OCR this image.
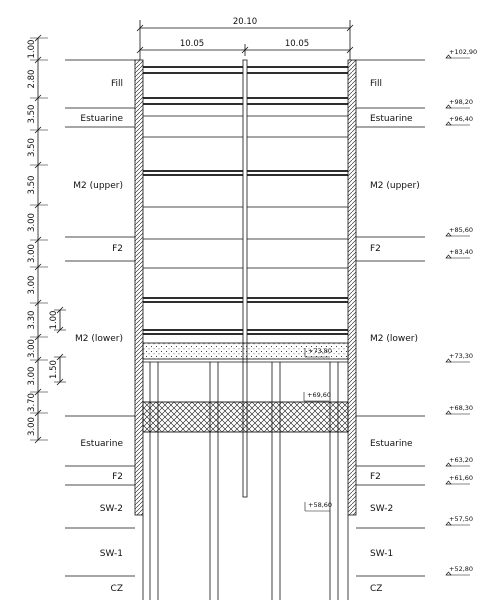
20.10
10.05	10.05
1.00
2.80
3.50
3.50
3.50
3.00
3.00
3.00
3.30
3.00
3.00
3.70
3.00
1.00
1.50
Fill
Estuarine
M2 (upper)
F2
M2 (lower)
Estuarine
F2
SW-2
SW-1
CZ
Fill
Estuarine
M2 (upper)
F2
M2 (lower)
Estuarine
F2
SW-2
SW-1
CZ
+102,90
+98,20
+96,40
+85,60
+83,40
+73,30
+68,30
+63,20
+61,60
+57,50
+52,80
+73,80
+69,60
+58,60
